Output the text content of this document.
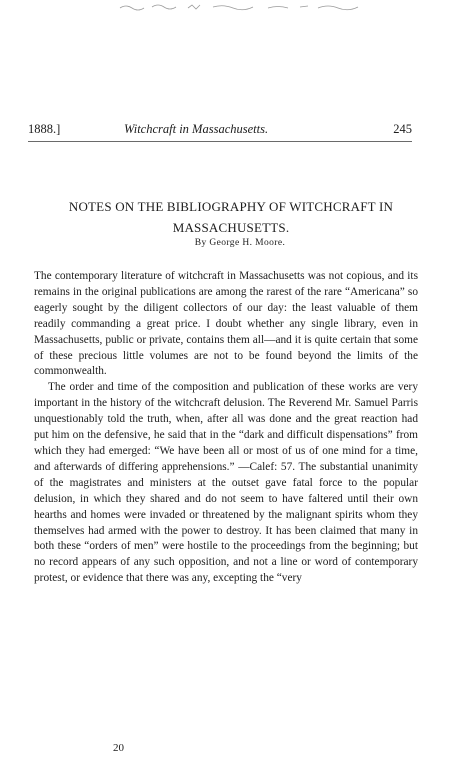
1888.]	Witchcraft in Massachusetts.	245
NOTES ON THE BIBLIOGRAPHY OF WITCHCRAFT IN MASSACHUSETTS.
By George H. Moore.

The contemporary literature of witchcraft in Massachusetts was not copious, and its remains in the original publications are among the rarest of the rare “Americana” so eagerly sought by the diligent collectors of our day: the least valuable of them readily commanding a great price. I doubt whether any single library, even in Massachusetts, public or private, contains them all—and it is quite certain that some of these precious little volumes are not to be found beyond the limits of the commonwealth.

The order and time of the composition and publication of these works are very important in the history of the witchcraft delusion. The Reverend Mr. Samuel Parris unquestionably told the truth, when, after all was done and the great reaction had put him on the defensive, he said that in the “dark and difficult dispensations” from which they had emerged: “We have been all or most of us of one mind for a time, and afterwards of differing apprehensions.” —Calef: 57. The substantial unanimity of the magistrates and ministers at the outset gave fatal force to the popular delusion, in which they shared and do not seem to have faltered until their own hearths and homes were invaded or threatened by the malignant spirits whom they themselves had armed with the power to destroy. It has been claimed that many in both these “orders of men” were hostile to the proceedings from the beginning; but no record appears of any such opposition, and not a line or word of contemporary protest, or evidence that there was any, excepting the “very

20
